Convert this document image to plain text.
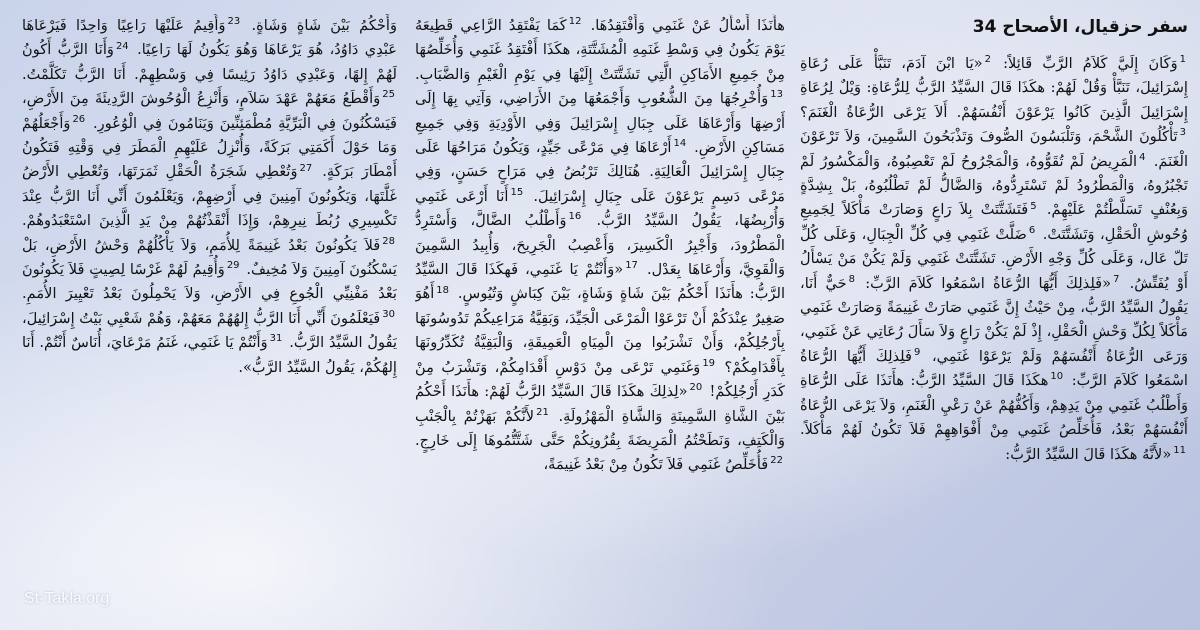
سفر حزقيال، الأصحاح 34
$^1$وَكَانَ إِلَيَّ كَلاَمُ الرَّبِّ قَائِلاً: $^2$«يَا ابْنَ آدَمَ، تَنَبَّأْ عَلَى رُعَاةِ إِسْرَائِيلَ، تَنَبَّأْ وَقُلْ لَهُمْ: هكَذَا قَالَ السَّيِّدُ الرَّبُّ لِلرُّعَاةِ: وَيْلٌ لِرُعَاةِ إِسْرَائِيلَ الَّذِينَ كَانُوا يَرْعَوْنَ أَنْفُسَهُمْ. أَلاَ يَرْعَى الرُّعَاةُ الْغَنَمَ؟ $^3$تَأْكُلُونَ الشَّحْمَ، وَتَلْبَسُونَ الصُّوفَ وَتَذْبَحُونَ السَّمِينَ، وَلاَ تَرْعَوْنَ الْغَنَمَ. $^4$الْمَرِيضُ لَمْ تُقَوُّوهُ، وَالْمَجْرُوحُ لَمْ تَعْصِبُوهُ، وَالْمَكْسُورُ لَمْ تَجْبُرُوهُ، وَالْمَطْرُودُ لَمْ تَسْتَرِدُّوهُ، وَالضَّالُّ لَمْ تَطْلُبُوهُ، بَلْ بِشِدَّةٍ وَبِعُنْفٍ تَسَلَّطْتُمْ عَلَيْهِمْ. $^5$فَتَشَتَّتَتْ بِلاَ رَاعٍ وَصَارَتْ مَأْكَلاً لِجَمِيعِ وُحُوشِ الْحَقْلِ، وَتَشَتَّتَتْ. $^6$ضَلَّتْ غَنَمِي فِي كُلِّ الْجِبَالِ، وَعَلَى كُلِّ تَلّ عَال، وَعَلَى كُلِّ وَجْهِ الأَرْضِ. تَشَتَّتَتْ غَنَمِي وَلَمْ يَكُنْ مَنْ يَسْأَلُ أَوْ يُفَتِّشُ. $^7$«فَلِذلِكَ أَيُّهَا الرُّعَاةُ اسْمَعُوا كَلاَمَ الرَّبِّ: $^8$حَيٌّ أَنَا، يَقُولُ السَّيِّدُ الرَّبُّ، مِنْ حَيْثُ إِنَّ غَنَمِي صَارَتْ غَنِيمَةً وَصَارَتْ غَنَمِي مَأْكَلاً لِكُلِّ وَحْشِ الْحَقْلِ، إِذْ لَمْ يَكُنْ رَاعٍ وَلاَ سَأَلَ رُعَاتِي عَنْ غَنَمِي، وَرَعَى الرُّعَاةُ أَنْفُسَهُمْ وَلَمْ يَرْعَوْا غَنَمِي، $^9$فَلِذلِكَ أَيُّهَا الرُّعَاةُ اسْمَعُوا كَلاَمَ الرَّبِّ: $^{10}$هكَذَا قَالَ السَّيِّدُ الرَّبُّ: هأَنَذَا عَلَى الرُّعَاةِ وَأَطْلُبُ غَنَمِي مِنْ يَدِهِمْ، وَأَكُفُّهُمْ عَنْ رَعْيِ الْغَنَمِ، وَلاَ يَرْعَى الرُّعَاةُ أَنْفُسَهُمْ بَعْدُ، فَأُخَلِّصُ غَنَمِي مِنْ أَفْوَاهِهِمْ فَلاَ تَكُونُ لَهُمْ مَأْكَلاً. $^{11}$«لأَنَّهُ هكَذَا قَالَ السَّيِّدُ الرَّبُّ:
هأَنَذَا أَسْأَلُ عَنْ غَنَمِي وَأَفْتَقِدُهَا. $^{12}$كَمَا يَفْتَقِدُ الرَّاعِي قَطِيعَهُ يَوْمَ يَكُونُ فِي وَسْطِ غَنَمِهِ الْمُشَتَّتَةِ، هكَذَا أَفْتَقِدُ غَنَمِي وَأُخَلِّصُهَا مِنْ جَمِيعِ الأَمَاكِنِ الَّتِي تَشَتَّتَتْ إِلَيْهَا فِي يَوْمِ الْغَيْمِ وَالضَّبَابِ. $^{13}$وَأُخْرِجُهَا مِنَ الشُّعُوبِ وَأَجْمَعُهَا مِنَ الأَرَاضِي، وَآتِي بِهَا إِلَى أَرْضِهَا وَأَرْعَاهَا عَلَى جِبَالِ إِسْرَائِيلَ وَفِي الأَوْدِيَةِ وَفِي جَمِيعِ مَسَاكِنِ الأَرْضِ. $^{14}$أَرْعَاهَا فِي مَرْعًى جَيِّدٍ، وَيَكُونُ مَرَاحُهَا عَلَى جِبَالِ إِسْرَائِيلَ الْعَالِيَةِ. هُنَالِكَ تَرْبُضُ فِي مَرَاحٍ حَسَنٍ، وَفِي مَرْعًى دَسِمٍ يَرْعَوْنَ عَلَى جِبَالِ إِسْرَائِيلَ. $^{15}$أَنَا أَرْعَى غَنَمِي وَأُرْبِضُهَا، يَقُولُ السَّيِّدُ الرَّبُّ. $^{16}$وَأَطْلُبُ الضَّالَّ، وَأَسْتَرِدُّ الْمَطْرُودَ، وَأَجْبِرُ الْكَسِيرَ، وَأَعْصِبُ الْجَرِيحَ، وَأُبِيدُ السَّمِينَ وَالْقَوِيَّ، وَأَرْعَاهَا بِعَدْل. $^{17}$«وَأَنْتُمْ يَا غَنَمِي، فَهكَذَا قَالَ السَّيِّدُ الرَّبُّ: هأَنَذَا أَحْكُمُ بَيْنَ شَاةٍ وَشَاةٍ، بَيْنَ كِبَاشٍ وَتُيُوسٍ. $^{18}$أَهُوَ صَغِيرٌ عِنْدَكُمْ أَنْ تَرْعَوْا الْمَرْعَى الْجَيِّدَ، وَبَقِيَّةُ مَرَاعِيكُمْ تَدُوسُونَهَا بِأَرْجُلِكُمْ، وَأَنْ تَشْرَبُوا مِنَ الْمِيَاهِ الْعَمِيقَةِ، وَالْبَقِيَّةُ تُكَدِّرُونَهَا بِأَقْدَامِكُمْ؟ $^{19}$وَغَنَمِي تَرْعَى مِنْ دَوْسِ أَقْدَامِكُمْ، وَتَشْرَبُ مِنْ كَدَرِ أَرْجُلِكُمْ! $^{20}$«لِذلِكَ هكَذَا قَالَ السَّيِّدُ الرَّبُّ لَهُمْ: هأَنَذَا أَحْكُمُ بَيْنَ الشَّاةِ السَّمِينَةِ وَالشَّاةِ الْمَهْزُولَةِ. $^{21}$لأَنَّكُمْ بَهَزْتُمْ بِالْجَنْبِ وَالْكَتِفِ، وَنَطَحْتُمُ الْمَرِيضَةَ بِقُرُونِكُمْ حَتَّى شَتَّتُّمُوهَا إِلَى خَارِجٍ. $^{22}$فَأُخَلِّصُ غَنَمِي فَلاَ تَكُونُ مِنْ بَعْدُ غَنِيمَةً،
وَأَحْكُمُ بَيْنَ شَاةٍ وَشَاةٍ. $^{23}$وَأُقِيمُ عَلَيْهَا رَاعِيًا وَاحِدًا فَيَرْعَاهَا عَبْدِي دَاوُدُ، هُوَ يَرْعَاهَا وَهُوَ يَكُونُ لَهَا رَاعِيًا. $^{24}$وَأَنَا الرَّبُّ أَكُونُ لَهُمْ إِلهًا، وَعَبْدِي دَاوُدُ رَئِيسًا فِي وَسْطِهِمْ. أَنَا الرَّبُّ تَكَلَّمْتُ. $^{25}$وَأَقْطَعُ مَعَهُمْ عَهْدَ سَلاَمٍ، وَأَنْزِعُ الْوُحُوشَ الرَّدِيئَةَ مِنَ الأَرْضِ، فَيَسْكُنُونَ فِي الْبَرِّيَّةِ مُطْمَئِنِّينَ وَيَنَامُونَ فِي الْوُعُورِ. $^{26}$وَأَجْعَلُهُمْ وَمَا حَوْلَ أَكَمَتِي بَرَكَةً، وَأُنْزِلُ عَلَيْهِمِ الْمَطَرَ فِي وَقْتِهِ فَتَكُونُ أَمْطَارَ بَرَكَةٍ. $^{27}$وَتُعْطِي شَجَرَةُ الْحَقْلِ ثَمَرَتَهَا، وَتُعْطِي الأَرْضُ غَلَّتَهَا، وَيَكُونُونَ آمِنِينَ فِي أَرْضِهِمْ، وَيَعْلَمُونَ أَنِّي أَنَا الرَّبُّ عِنْدَ تَكْسِيرِي رُبُطَ نِيرِهِمْ، وَإِذَا أَنْقَذْتُهُمْ مِنْ يَدِ الَّذِينَ اسْتَعْبَدُوهُمْ. $^{28}$فَلاَ يَكُونُونَ بَعْدُ غَنِيمَةً لِلأُمَمِ، وَلاَ يَأْكُلُهُمْ وَحْشُ الأَرْضِ، بَلْ يَسْكُنُونَ آمِنِينَ وَلاَ مُخِيفٌ. $^{29}$وَأُقِيمُ لَهُمْ غَرْسًا لِصِيتٍ فَلاَ يَكُونُونَ بَعْدُ مَفْنِيِّي الْجُوعِ فِي الأَرْضِ، وَلاَ يَحْمِلُونَ بَعْدُ تَعْيِيرَ الأُمَمِ. $^{30}$فَيَعْلَمُونَ أَنِّي أَنَا الرَّبُّ إِلهُهُمْ مَعَهُمْ، وَهُمْ شَعْبِي بَيْتُ إِسْرَائِيلَ، يَقُولُ السَّيِّدُ الرَّبُّ. $^{31}$وَأَنْتُمْ يَا غَنَمِي، غَنَمُ مَرْعَايَ، أُنَاسٌ أَنْتُمْ. أَنَا إِلهُكُمْ، يَقُولُ السَّيِّدُ الرَّبُّ».
St-Takla.org
